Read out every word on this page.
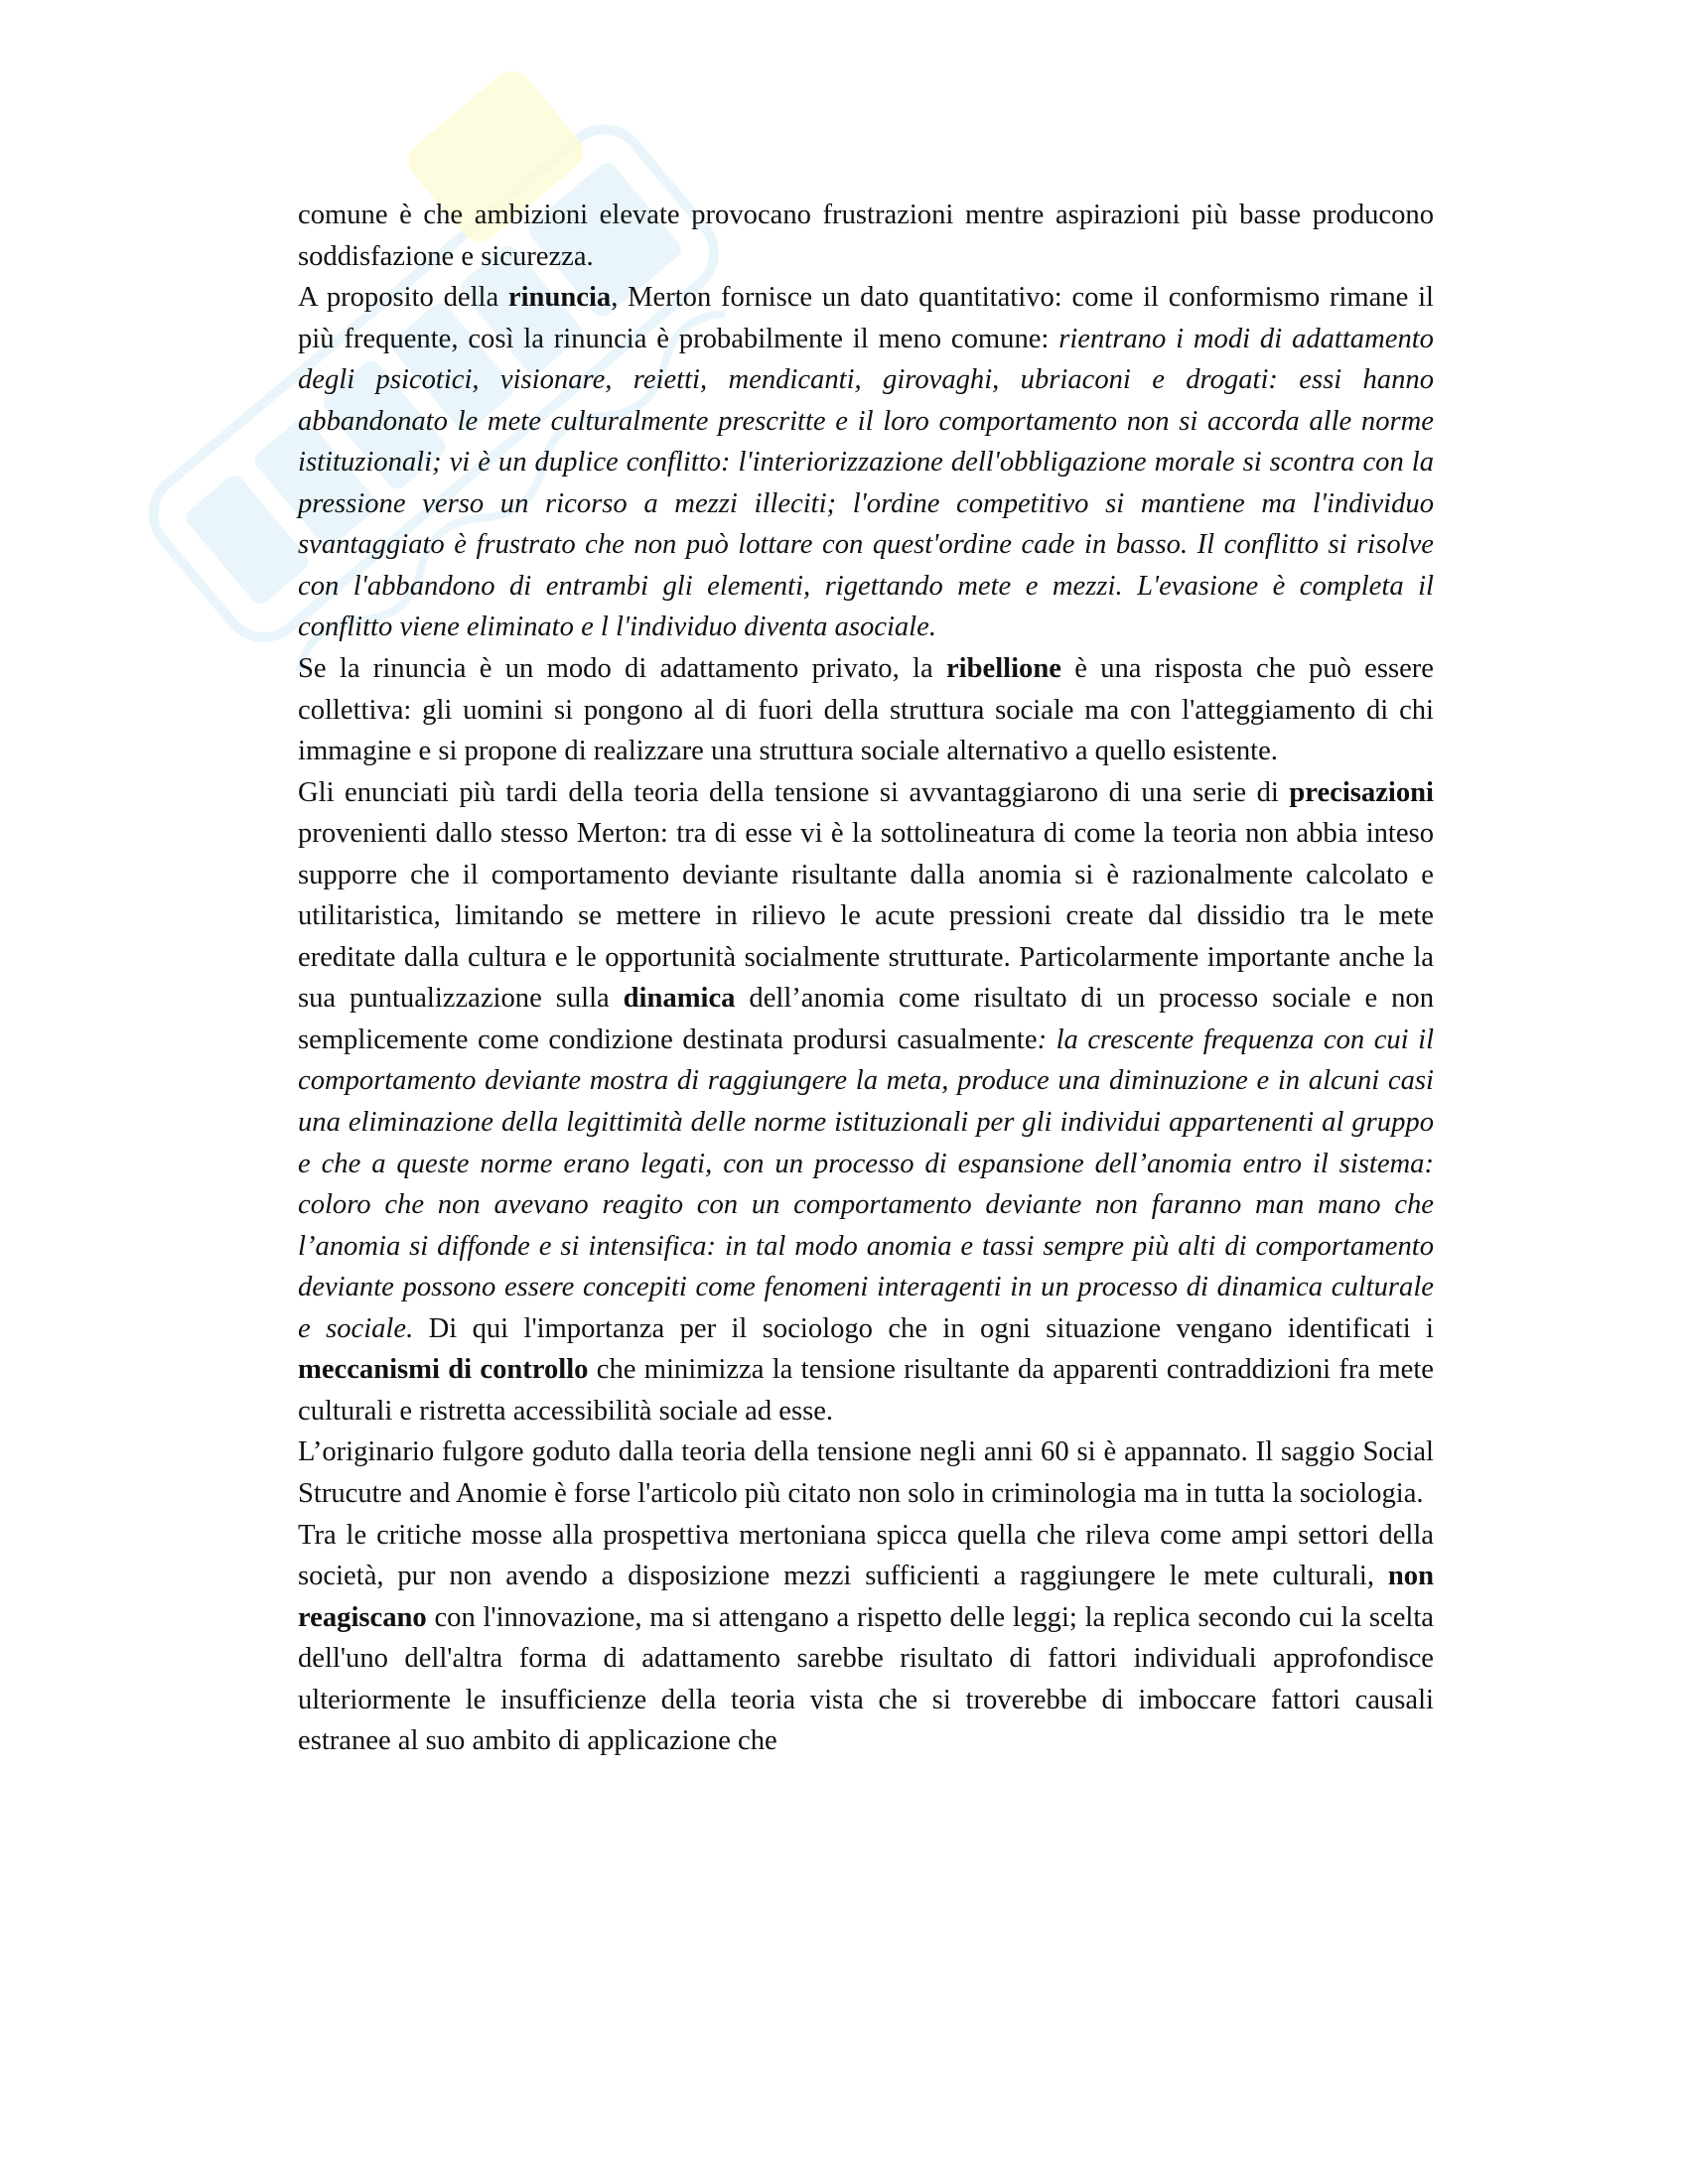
comune è che ambizioni elevate provocano frustrazioni mentre aspirazioni più basse producono soddisfazione e sicurezza.

A proposito della rinuncia, Merton fornisce un dato quantitativo: come il conformismo rimane il più frequente, così la rinuncia è probabilmente il meno comune: rientrano i modi di adattamento degli psicotici, visionare, reietti, mendicanti, girovaghi, ubriaconi e drogati: essi hanno abbandonato le mete culturalmente prescritte e il loro comportamento non si accorda alle norme istituzionali; vi è un duplice conflitto: l'interiorizzazione dell'obbligazione morale si scontra con la pressione verso un ricorso a mezzi illeciti; l'ordine competitivo si mantiene ma l'individuo svantaggiato è frustrato che non può lottare con quest'ordine cade in basso. Il conflitto si risolve con l'abbandono di entrambi gli elementi, rigettando mete e mezzi. L'evasione è completa il conflitto viene eliminato e l l'individuo diventa asociale.

Se la rinuncia è un modo di adattamento privato, la ribellione è una risposta che può essere collettiva: gli uomini si pongono al di fuori della struttura sociale ma con l'atteggiamento di chi immagine e si propone di realizzare una struttura sociale alternativo a quello esistente.

Gli enunciati più tardi della teoria della tensione si avvantaggiarono di una serie di precisazioni provenienti dallo stesso Merton: tra di esse vi è la sottolineatura di come la teoria non abbia inteso supporre che il comportamento deviante risultante dalla anomia si è razionalmente calcolato e utilitaristica, limitando se mettere in rilievo le acute pressioni create dal dissidio tra le mete ereditate dalla cultura e le opportunità socialmente strutturate. Particolarmente importante anche la sua puntualizzazione sulla dinamica dell’anomia come risultato di un processo sociale e non semplicemente come condizione destinata prodursi casualmente: la crescente frequenza con cui il comportamento deviante mostra di raggiungere la meta, produce una diminuzione e in alcuni casi una eliminazione della legittimità delle norme istituzionali per gli individui appartenenti al gruppo e che a queste norme erano legati, con un processo di espansione dell’anomia entro il sistema: coloro che non avevano reagito con un comportamento deviante non faranno man mano che l’anomia si diffonde e si intensifica: in tal modo anomia e tassi sempre più alti di comportamento deviante possono essere concepiti come fenomeni interagenti in un processo di dinamica culturale e sociale. Di qui l'importanza per il sociologo che in ogni situazione vengano identificati i meccanismi di controllo che minimizza la tensione risultante da apparenti contraddizioni fra mete culturali e ristretta accessibilità sociale ad esse.

L’originario fulgore goduto dalla teoria della tensione negli anni 60 si è appannato. Il saggio Social Strucutre and Anomie è forse l'articolo più citato non solo in criminologia ma in tutta la sociologia.

Tra le critiche mosse alla prospettiva mertoniana spicca quella che rileva come ampi settori della società, pur non avendo a disposizione mezzi sufficienti a raggiungere le mete culturali, non reagiscano con l'innovazione, ma si attengano a rispetto delle leggi; la replica secondo cui la scelta dell'uno dell'altra forma di adattamento sarebbe risultato di fattori individuali approfondisce ulteriormente le insufficienze della teoria vista che si troverebbe di imboccare fattori causali estranee al suo ambito di applicazione che
